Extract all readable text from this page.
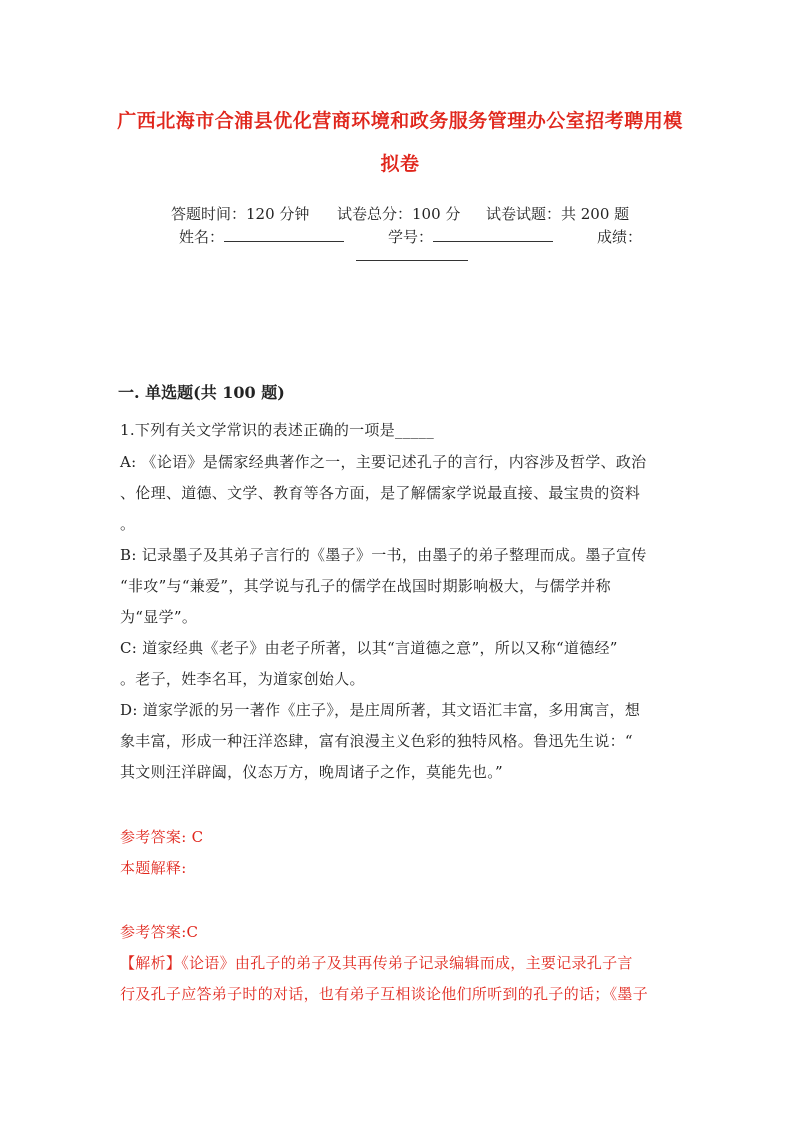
广西北海市合浦县优化营商环境和政务服务管理办公室招考聘用模
拟卷
答题时间：120 分钟 试卷总分：100 分 试卷试题：共 200 题
姓名：	学号：	成绩：
一. 单选题(共 100 题)
1.下列有关文学常识的表述正确的一项是_____
A: 《论语》是儒家经典著作之一，主要记述孔子的言行，内容涉及哲学、政治
、伦理、道德、文学、教育等各方面，是了解儒家学说最直接、最宝贵的资料
。
B: 记录墨子及其弟子言行的《墨子》一书，由墨子的弟子整理而成。墨子宣传
“非攻”与“兼爱”，其学说与孔子的儒学在战国时期影响极大，与儒学并称
为“显学”。
C: 道家经典《老子》由老子所著，以其“言道德之意”，所以又称“道德经”
。老子，姓李名耳，为道家创始人。
D: 道家学派的另一著作《庄子》，是庄周所著，其文语汇丰富，多用寓言，想
象丰富，形成一种汪洋恣肆，富有浪漫主义色彩的独特风格。鲁迅先生说：“
其文则汪洋辟阖，仪态万方，晚周诸子之作，莫能先也。”
参考答案: C
本题解释:
参考答案:C
【解析】《论语》由孔子的弟子及其再传弟子记录编辑而成，主要记录孔子言
行及孔子应答弟子时的对话，也有弟子互相谈论他们所听到的孔子的话；《墨子
